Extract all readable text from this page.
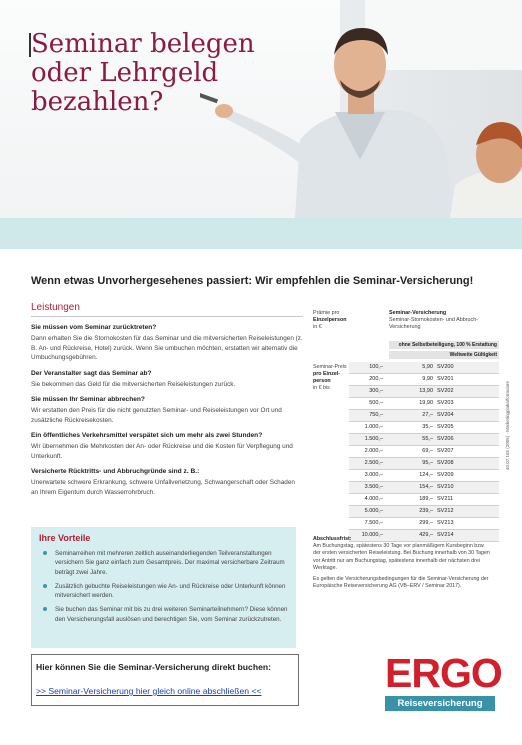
Seminar belegen
oder Lehrgeld
bezahlen?

Wenn etwas Unvorhergesehenes passiert: Wir empfehlen die Seminar-Versicherung!

Leistungen
Sie müssen vom Seminar zurücktreten?
Dann erhalten Sie die Stornokosten für das Seminar und die mitversicherten Reiseleistungen (z. B. An- und Rückreise, Hotel) zurück. Wenn Sie umbuchen möchten, erstatten wir alternativ die Umbuchungsgebühren.
Der Veranstalter sagt das Seminar ab?
Sie bekommen das Geld für die mitversicherten Reiseleistungen zurück.
Sie müssen Ihr Seminar abbrechen?
Wir erstatten den Preis für die nicht genutzten Seminar- und Reiseleistungen vor Ort und zusätzliche Rückreisekosten.
Ein öffentliches Verkehrsmittel verspätet sich um mehr als zwei Stunden?
Wir übernehmen die Mehrkosten der An- oder Rückreise und die Kosten für Verpflegung und Unterkunft.
Versicherte Rücktritts- und Abbruchgründe sind z. B.:
Unerwartete schwere Erkrankung, schwere Unfallverletzung, Schwangerschaft oder Schaden an Ihrem Eigentum durch Wasserrohrbruch.
Ihre Vorteile
Seminarreihen mit mehreren zeitlich auseinanderliegenden Teilveranstaltungen versichern Sie ganz einfach zum Gesamtpreis. Der maximal versicherbare Zeitraum beträgt zwei Jahre.
Zusätzlich gebuchte Reiseleistungen wie An- und Rückreise oder Unterkunft können mitversichert werden.
Sie buchen das Seminar mit bis zu drei weiteren Seminarteilnehmern? Diese können den Versicherungsfall auslösen und berechtigen Sie, vom Seminar zurückzutreten.
Prämie pro
Einzelperson
in €
Seminar-Versicherung
Seminar-Stornokosten- und Abbruch-Versicherung
ohne Selbstbeteiligung, 100 % Erstattung
Weltweite Gültigkeit
Seminar-Preis
pro Einzel-
person
in € bis
100,–	5,90 SV200
200,–	9,90 SV201
300,–	13,90 SV202
500,–	19,90 SV203
750,–	27,– SV204
1.000,–	35,– SV205
1.500,–	55,– SV206
2.000,–	69,– SV207
2.500,–	95,– SV208
3.000,–	124,– SV209
3.500,–	154,– SV210
4.000,–	189,– SV211
5.000,–	239,– SV212
7.500,–	299,– SV213
10.000,–	429,– SV214

Abschlussfrist:
Am Buchungstag, spätestens 30 Tage vor planmäßigem Kursbeginn bzw. der ersten versicherten Reiseleistung. Bei Buchung innerhalb von 30 Tagen vor Antritt nur am Buchungstag, spätestens innerhalb der nächsten drei Werktage.

Es gelten die Versicherungsbedingungen für die Seminar-Versicherung der Europäische Reiseversicherung AG (VB–ERV / Seminar 2017).

40.07.165 (2005) · Marketingplakatformulare
Hier können Sie die Seminar-Versicherung direkt buchen:
>> Seminar-Versicherung hier gleich online abschließen <<	ERGO
Reiseversicherung
